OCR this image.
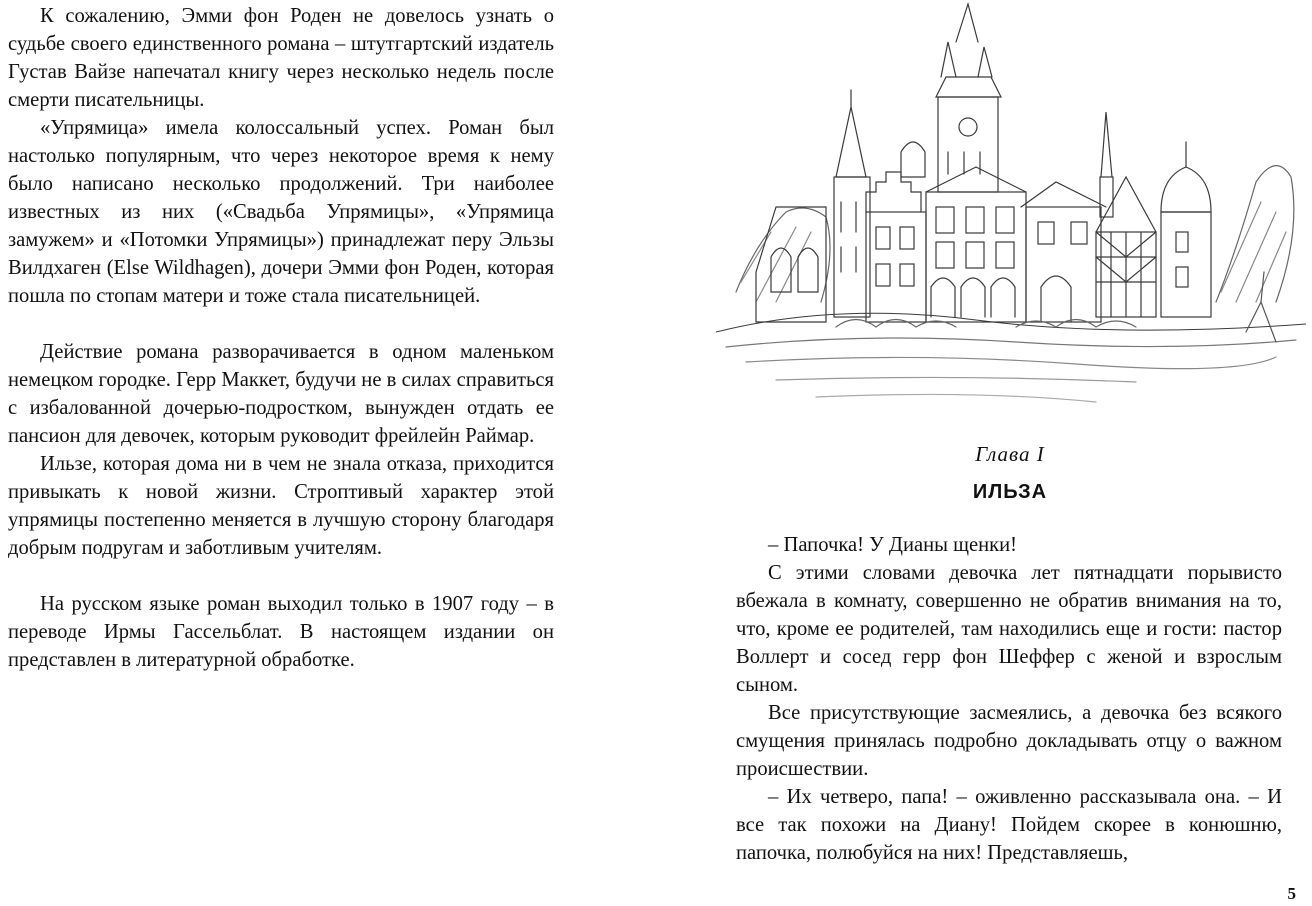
К сожалению, Эмми фон Роден не довелось узнать о судьбе своего единственного романа – штутгартский издатель Густав Вайзе напечатал книгу через несколько недель после смерти писательницы.

«Упрямица» имела колоссальный успех. Роман был настолько популярным, что через некоторое время к нему было написано несколько продолжений. Три наиболее известных из них («Свадьба Упрямицы», «Упрямица замужем» и «Потомки Упрямицы») принадлежат перу Эльзы Вилдхаген (Else Wildhagen), дочери Эмми фон Роден, которая пошла по стопам матери и тоже стала писательницей.

Действие романа разворачивается в одном маленьком немецком городке. Герр Маккет, будучи не в силах справиться с избалованной дочерью-подростком, вынужден отдать ее пансион для девочек, которым руководит фрейлейн Раймар.

Ильзе, которая дома ни в чем не знала отказа, приходится привыкать к новой жизни. Строптивый характер этой упрямицы постепенно меняется в лучшую сторону благодаря добрым подругам и заботливым учителям.

На русском языке роман выходил только в 1907 году – в переводе Ирмы Гассельблат. В настоящем издании он представлен в литературной обработке.

Глава I
ИЛЬЗА

– Папочка! У Дианы щенки!

С этими словами девочка лет пятнадцати порывисто вбежала в комнату, совершенно не обратив внимания на то, что, кроме ее родителей, там находились еще и гости: пастор Воллерт и сосед герр фон Шеффер с женой и взрослым сыном.

Все присутствующие засмеялись, а девочка без всякого смущения принялась подробно докладывать отцу о важном происшествии.

– Их четверо, папа! – оживленно рассказывала она. – И все так похожи на Диану! Пойдем скорее в конюшню, папочка, полюбуйся на них! Представляешь,

5
